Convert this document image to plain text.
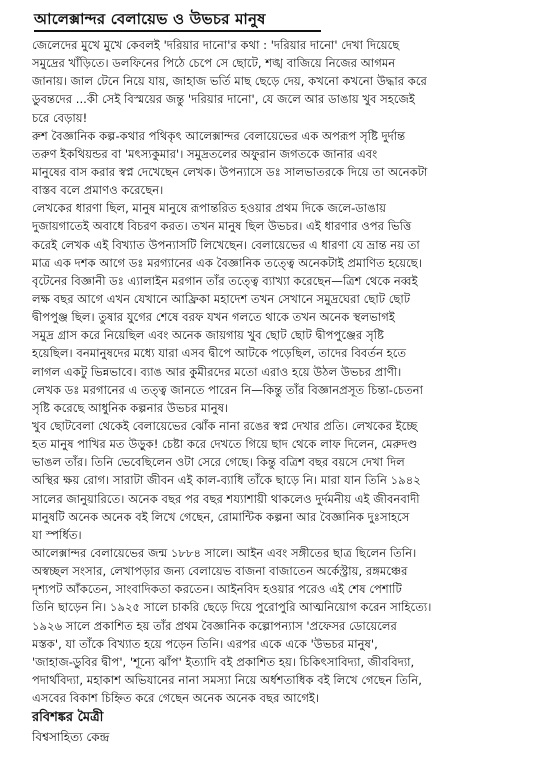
আলেক্সান্দর বেলায়েভ ও উভচর মানুষ
জেলেদের মুখে মুখে কেবলই 'দরিয়ার দানো'র কথা : 'দরিয়ার দানো' দেখা দিয়েছে
সমুদ্রের খাঁড়িতে। ডলফিনের পিঠে চেপে সে ছোটে, শঙ্খ বাজিয়ে নিজের আগমন
জানায়। জাল টেনে নিয়ে যায়, জাহাজ ভর্তি মাছ ছেড়ে দেয়, কখনো কখনো উদ্ধার করে
ডুবন্তদের ...কী সেই বিস্ময়ের জন্তু 'দরিয়ার দানো', যে জলে আর ডাঙায় খুব সহজেই
চরে বেড়ায়!
রুশ বৈজ্ঞানিক কল্প-কথার পথিকৃৎ আলেক্সান্দর বেলায়েভের এক অপরূপ সৃষ্টি দুর্দান্ত
তরুণ ইকথিয়ন্ডর বা 'মৎস্যকুমার'। সমুদ্রতলের অফুরান জগতকে জানার এবং
মানুষের বাস করার স্বপ্ন দেখেছেন লেখক। উপন্যাসে ডঃ সালভাতরকে দিয়ে তা অনেকটা
বাস্তব বলে প্রমাণও করেছেন।
লেখকের ধারণা ছিল, মানুষ মানুষে রূপান্তরিত হওয়ার প্রথম দিকে জলে-ডাঙায়
দুজায়গাতেই অবাধে বিচরণ করত। তখন মানুষ ছিল উভচর। এই ধারণার ওপর ভিত্তি
করেই লেখক এই বিখ্যাত উপন্যাসটি লিখেছেন। বেলায়েভের এ ধারণা যে ভ্রান্ত নয় তা
মাত্র এক দশক আগে ডঃ মরগ্যানের এক বৈজ্ঞানিক তত্ত্বে অনেকটাই প্রমাণিত হয়েছে।
বৃটেনের বিজ্ঞানী ডঃ এ্যালাইন মরগান তাঁর তত্ত্বে ব্যাখ্যা করেছেন—ত্রিশ থেকে নব্বই
লক্ষ বছর আগে এখন যেখানে আফ্রিকা মহাদেশ তখন সেখানে সমুদ্রঘেরা ছোট ছোট
দ্বীপপুঞ্জ ছিল। তুষার যুগের শেষে বরফ যখন গলতে থাকে তখন অনেক স্থলভাগই
সমুদ্র গ্রাস করে নিয়েছিল এবং অনেক জায়গায় খুব ছোট ছোট দ্বীপপুঞ্জের সৃষ্টি
হয়েছিল। বনমানুষদের মধ্যে যারা এসব দ্বীপে আটকে পড়েছিল, তাদের বিবর্তন হতে
লাগল একটু ভিন্নভাবে। ব্যাঙ আর কুমীরদের মতো এরাও হয়ে উঠল উভচর প্রাণী।
লেখক ডঃ মরগানের এ তত্ত্ব জানতে পারেন নি—কিন্তু তাঁর বিজ্ঞানপ্রসূত চিন্তা-চেতনা
সৃষ্টি করেছে আধুনিক কল্পনার উভচর মানুষ।
খুব ছোটবেলা থেকেই বেলায়েভের ঝোঁক নানা রঙের স্বপ্ন দেখার প্রতি। লেখকের ইচ্ছে
হত মানুষ পাখির মত উড়ুক! চেষ্টা করে দেখতে গিয়ে ছাদ থেকে লাফ দিলেন, মেরুদণ্ড
ভাঙল তাঁর। তিনি ভেবেছিলেন ওটা সেরে গেছে। কিন্তু বত্রিশ বছর বয়সে দেখা দিল
অস্থির ক্ষয় রোগ। সারাটা জীবন এই কাল-ব্যাধি তাঁকে ছাড়ে নি। মারা যান তিনি ১৯৪২
সালের জানুয়ারিতে। অনেক বছর পর বছর শয্যাশায়ী থাকলেও দুর্দমনীয় এই জীবনবাদী
মানুষটি অনেক অনেক বই লিখে গেছেন, রোমান্টিক কল্পনা আর বৈজ্ঞানিক দুঃসাহসে
যা স্পর্ধিত।
আলেক্সান্দর বেলায়েভের জন্ম ১৮৮৪ সালে। আইন এবং সঙ্গীতের ছাত্র ছিলেন তিনি।
অস্বচ্ছল সংসার, লেখাপড়ার জন্য বেলায়েভ বাজনা বাজাতেন অর্কেস্ট্রায়, রঙ্গমঞ্চের
দৃশ্যপট আঁকতেন, সাংবাদিকতা করতেন। আইনবিদ হওয়ার পরেও এই শেষ পেশাটি
তিনি ছাড়েন নি। ১৯২৫ সালে চাকরি ছেড়ে দিয়ে পুরোপুরি আত্মনিয়োগ করেন সাহিত্যে।
১৯২৬ সালে প্রকাশিত হয় তাঁর প্রথম বৈজ্ঞানিক কল্পোপন্যাস 'প্রফেসর ডোয়েলের
মস্তক', যা তাঁকে বিখ্যাত হয়ে পড়েন তিনি। এরপর একে একে 'উভচর মানুষ',
'জাহাজ-ডুবির দ্বীপ', 'শূন্যে ঝাঁপ' ইত্যাদি বই প্রকাশিত হয়। চিকিৎসাবিদ্যা, জীববিদ্যা,
পদার্থবিদ্যা, মহাকাশ অভিযানের নানা সমস্যা নিয়ে অর্ধশতাধিক বই লিখে গেছেন তিনি,
এসবের বিকাশ চিহ্নিত করে গেছেন অনেক অনেক বছর আগেই।
রবিশঙ্কর মৈত্রী
বিশ্বসাহিত্য কেন্দ্র
